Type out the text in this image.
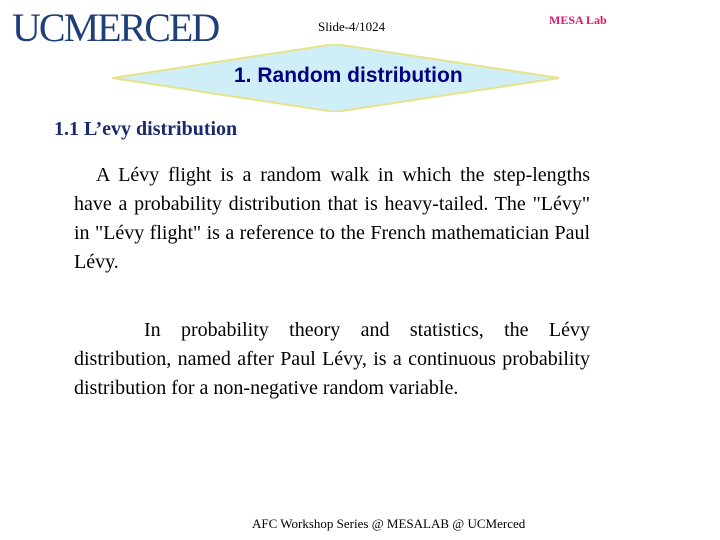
UCMERCED	Slide-4/1024	MESA Lab
1. Random distribution
1.1 L’evy distribution
A Lévy flight is a random walk in which the step-lengths have a probability distribution that is heavy-tailed. The "Lévy" in "Lévy flight" is a reference to the French mathematician Paul Lévy.
In probability theory and statistics, the Lévy distribution, named after Paul Lévy, is a continuous probability distribution for a non-negative random variable.
AFC Workshop Series @ MESALAB @ UCMerced
